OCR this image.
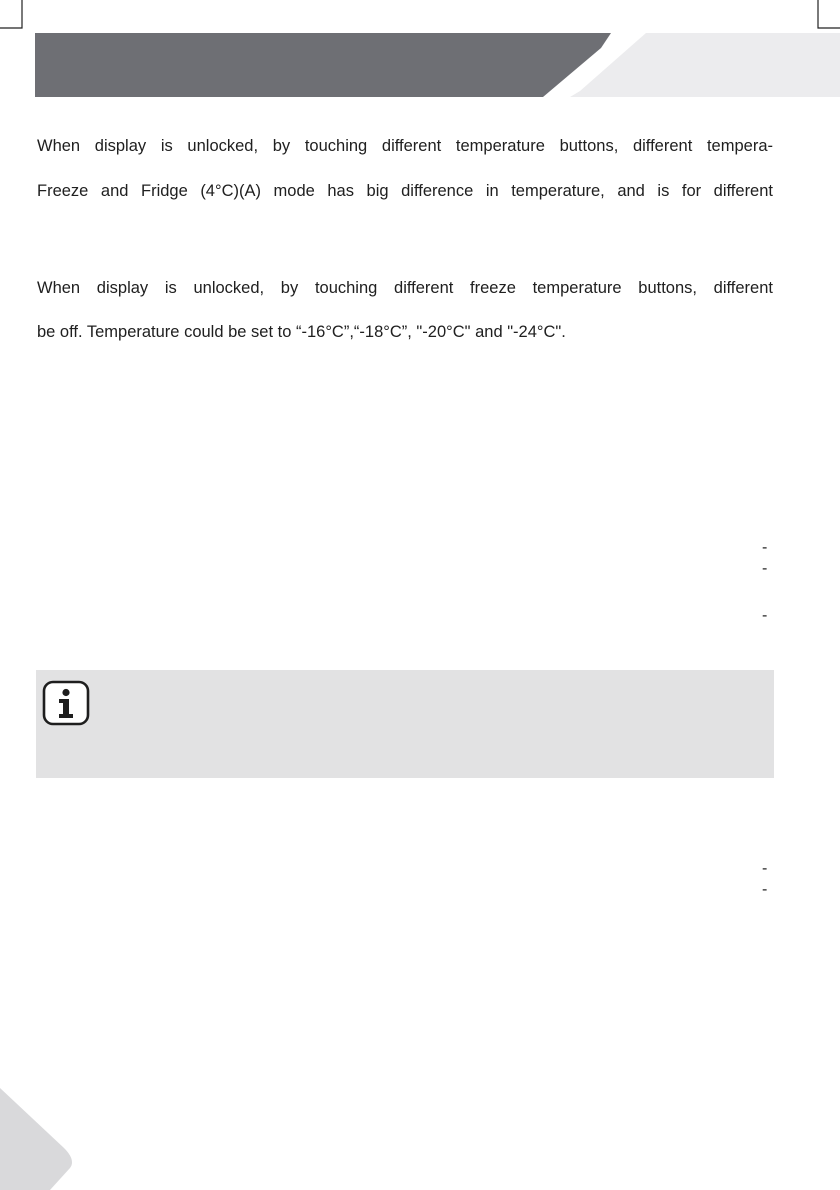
When display is unlocked, by touching different temperature buttons, different tempera-
Freeze and Fridge (4°C)(A) mode has big difference in temperature, and is for different
When display is unlocked, by touching different freeze temperature buttons, different
be off. Temperature could be set to “-16°C”,“-18°C”, "-20°C" and "-24°C".
-
-
-
-
-
